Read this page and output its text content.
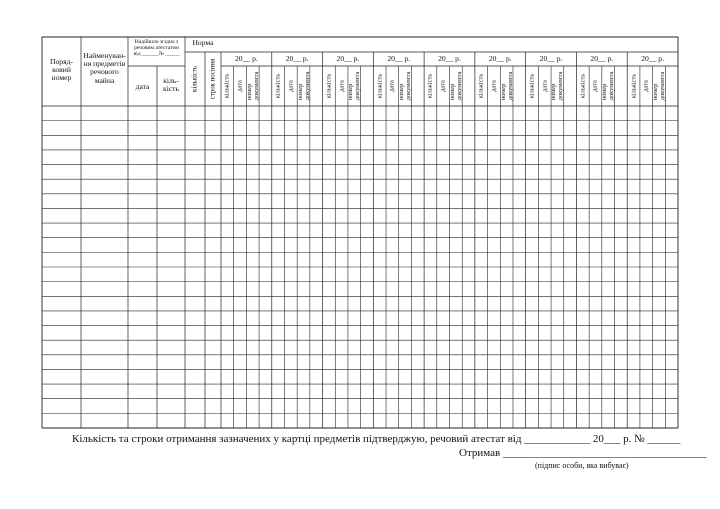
Поряд-
ковий
номер
Найменуван-
ня предметів
речового
майна
Надійшло згідно з
речовим атестатом
від ______№ _____
дата
кіль-
кість
Норма
кількість строк носіння
20__ р.
кількість дата номер
документа
20__ р.
кількість дата номер
документа
20__ р.
кількість дата номер
документа
20__ р.
кількість дата номер
документа
20__ р.
кількість дата номер
документа
20__ р.
кількість дата номер
документа
20__ р.
кількість дата номер
документа
20__ р.
кількість дата номер
документа
20__ р.
кількість дата номер
документа
Кількість та строки отримання зазначених у картці предметів підтверджую, речовий атестат від ____________ 20___ р. № ______
Отримав _____________________________________
(підпис особи, яка вибуває)
